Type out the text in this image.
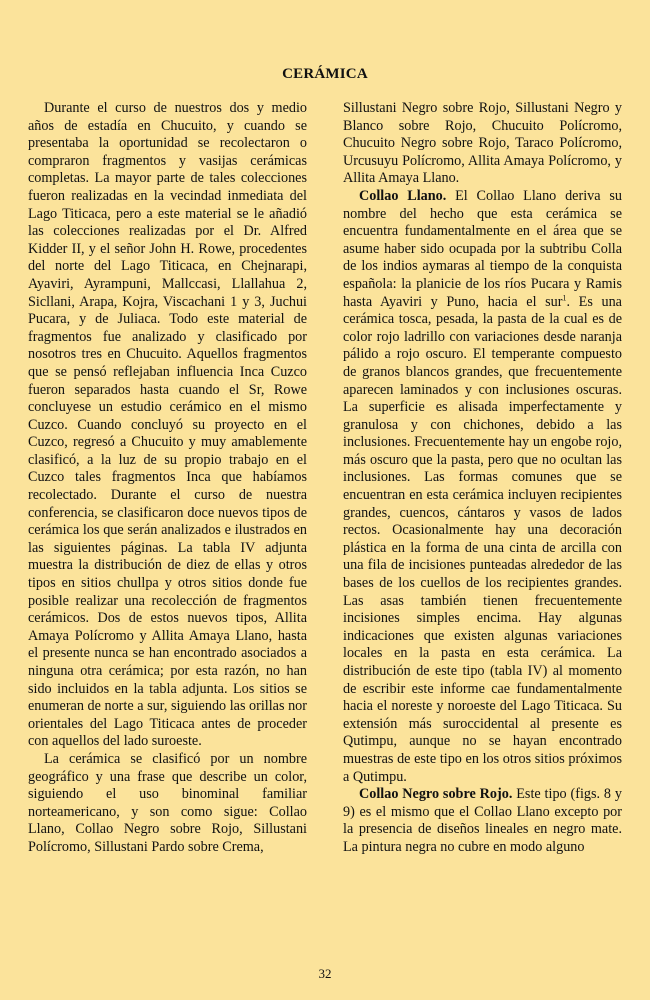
CERÁMICA

Durante el curso de nuestros dos y medio años de estadía en Chucuito, y cuando se presentaba la oportunidad se recolectaron o compraron fragmentos y vasijas cerámicas completas. La mayor parte de tales colecciones fueron realizadas en la vecindad inmediata del Lago Titicaca, pero a este material se le añadió las colecciones realizadas por el Dr. Alfred Kidder II, y el señor John H. Rowe, procedentes del norte del Lago Titicaca, en Chejnarapi, Ayaviri, Ayrampuni, Mallccasi, Llallahua 2, Sicllani, Arapa, Kojra, Viscachani 1 y 3, Juchui Pucara, y de Juliaca. Todo este material de fragmentos fue analizado y clasificado por nosotros tres en Chucuito. Aquellos fragmentos que se pensó reflejaban influencia Inca Cuzco fueron separados hasta cuando el Sr, Rowe concluyese un estudio cerámico en el mismo Cuzco. Cuando concluyó su proyecto en el Cuzco, regresó a Chucuito y muy amablemente clasificó, a la luz de su propio trabajo en el Cuzco tales fragmentos Inca que habíamos recolectado. Durante el curso de nuestra conferencia, se clasificaron doce nuevos tipos de cerámica los que serán analizados e ilustrados en las siguientes páginas. La tabla IV adjunta muestra la distribución de diez de ellas y otros tipos en sitios chullpa y otros sitios donde fue posible realizar una recolección de fragmentos cerámicos. Dos de estos nuevos tipos, Allita Amaya Polícromo y Allita Amaya Llano, hasta el presente nunca se han encontrado asociados a ninguna otra cerámica; por esta razón, no han sido incluidos en la tabla adjunta. Los sitios se enumeran de norte a sur, siguiendo las orillas nor orientales del Lago Titicaca antes de proceder con aquellos del lado suroeste.

La cerámica se clasificó por un nombre geográfico y una frase que describe un color, siguiendo el uso binominal familiar norteamericano, y son como sigue: Collao Llano, Collao Negro sobre Rojo, Sillustani Polícromo, Sillustani Pardo sobre Crema,

Sillustani Negro sobre Rojo, Sillustani Negro y Blanco sobre Rojo, Chucuito Polícromo, Chucuito Negro sobre Rojo, Taraco Polícromo, Urcusuyu Polícromo, Allita Amaya Polícromo, y Allita Amaya Llano.

Collao Llano. El Collao Llano deriva su nombre del hecho que esta cerámica se encuentra fundamentalmente en el área que se asume haber sido ocupada por la subtribu Colla de los indios aymaras al tiempo de la conquista española: la planicie de los ríos Pucara y Ramis hasta Ayaviri y Puno, hacia el sur$^1$. Es una cerámica tosca, pesada, la pasta de la cual es de color rojo ladrillo con variaciones desde naranja pálido a rojo oscuro. El temperante compuesto de granos blancos grandes, que frecuentemente aparecen laminados y con inclusiones oscuras. La superficie es alisada imperfectamente y granulosa y con chichones, debido a las inclusiones. Frecuentemente hay un engobe rojo, más oscuro que la pasta, pero que no ocultan las inclusiones. Las formas comunes que se encuentran en esta cerámica incluyen recipientes grandes, cuencos, cántaros y vasos de lados rectos. Ocasionalmente hay una decoración plástica en la forma de una cinta de arcilla con una fila de incisiones punteadas alrededor de las bases de los cuellos de los recipientes grandes. Las asas también tienen frecuentemente incisiones simples encima. Hay algunas indicaciones que existen algunas variaciones locales en la pasta en esta cerámica. La distribución de este tipo (tabla IV) al momento de escribir este informe cae fundamentalmente hacia el noreste y noroeste del Lago Titicaca. Su extensión más suroccidental al presente es Qutimpu, aunque no se hayan encontrado muestras de este tipo en los otros sitios próximos a Qutimpu.

Collao Negro sobre Rojo. Este tipo (figs. 8 y 9) es el mismo que el Collao Llano excepto por la presencia de diseños lineales en negro mate. La pintura negra no cubre en modo alguno

32
